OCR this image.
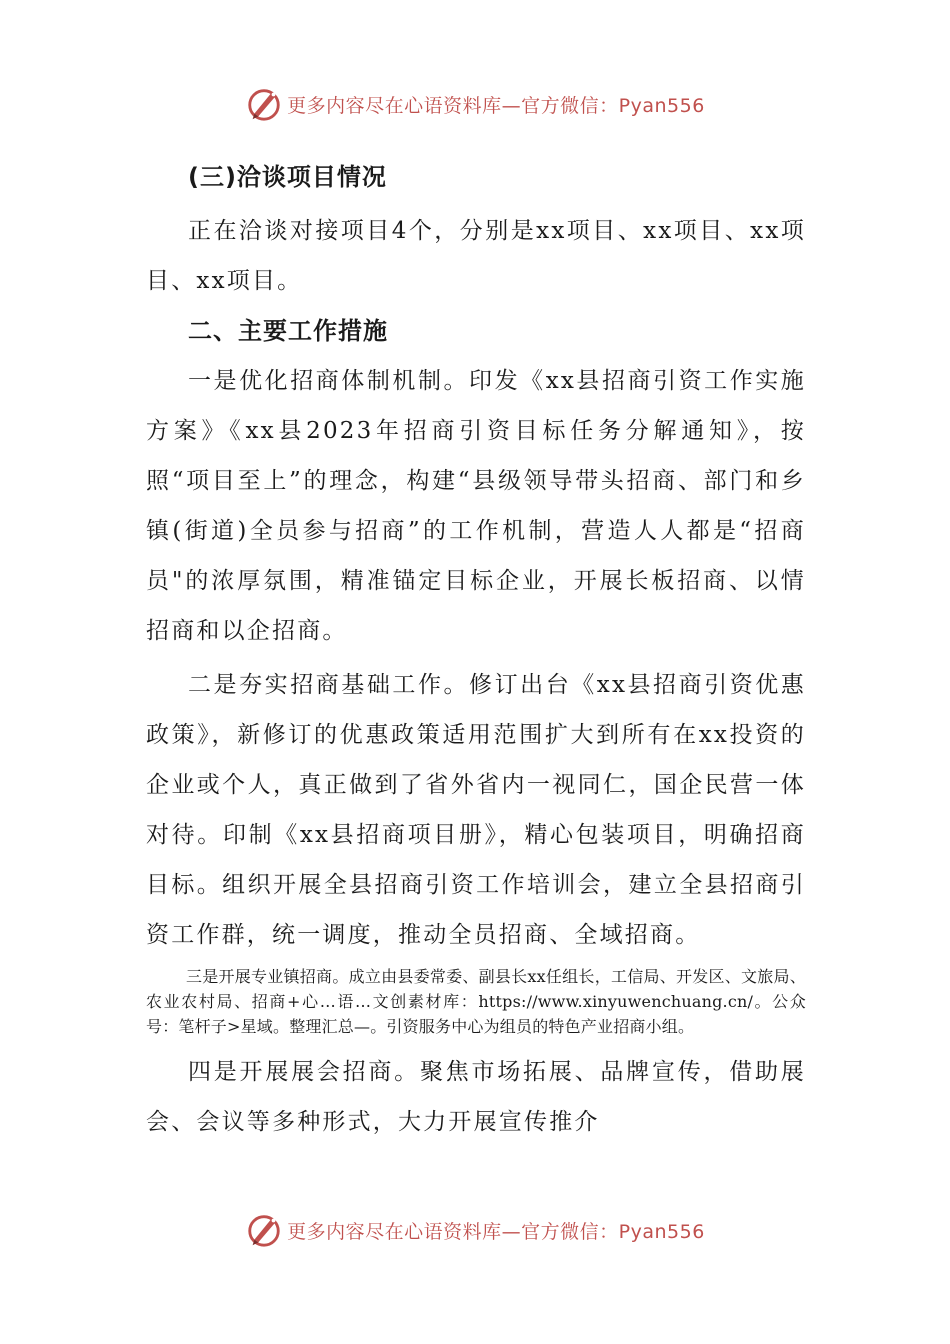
更多内容尽在心语资料库 —官方微信：Pyan556

(三)洽谈项目情况

正在洽谈对接项目4个，分别是xx项目、xx项目、xx项目、xx项目。

二、主要工作措施

一是优化招商体制机制。印发《xx县招商引资工作实施方案》《xx县2023年招商引资目标任务分解通知》，按照“项目至上”的理念，构建“县级领导带头招商、部门和乡镇(街道)全员参与招商”的工作机制，营造人人都是“招商员"的浓厚氛围，精准锚定目标企业，开展长板招商、以情招商和以企招商。

二是夯实招商基础工作。修订出台《xx县招商引资优惠政策》，新修订的优惠政策适用范围扩大到所有在xx投资的企业或个人，真正做到了省外省内一视同仁，国企民营一体对待。印制《xx县招商项目册》，精心包装项目，明确招商目标。组织开展全县招商引资工作培训会，建立全县招商引资工作群，统一调度，推动全员招商、全域招商。

三是开展专业镇招商。成立由县委常委、副县长xx任组长，工信局、开发区、文旅局、农业农村局、招商+心…语…文创素材库：https://www.xinyuwenchuang.cn/。公众号：笔杆子>星域。整理汇总—。引资服务中心为组员的特色产业招商小组。

四是开展展会招商。聚焦市场拓展、品牌宣传，借助展会、会议等多种形式，大力开展宣传推介

更多内容尽在心语资料库 —官方微信：Pyan556
